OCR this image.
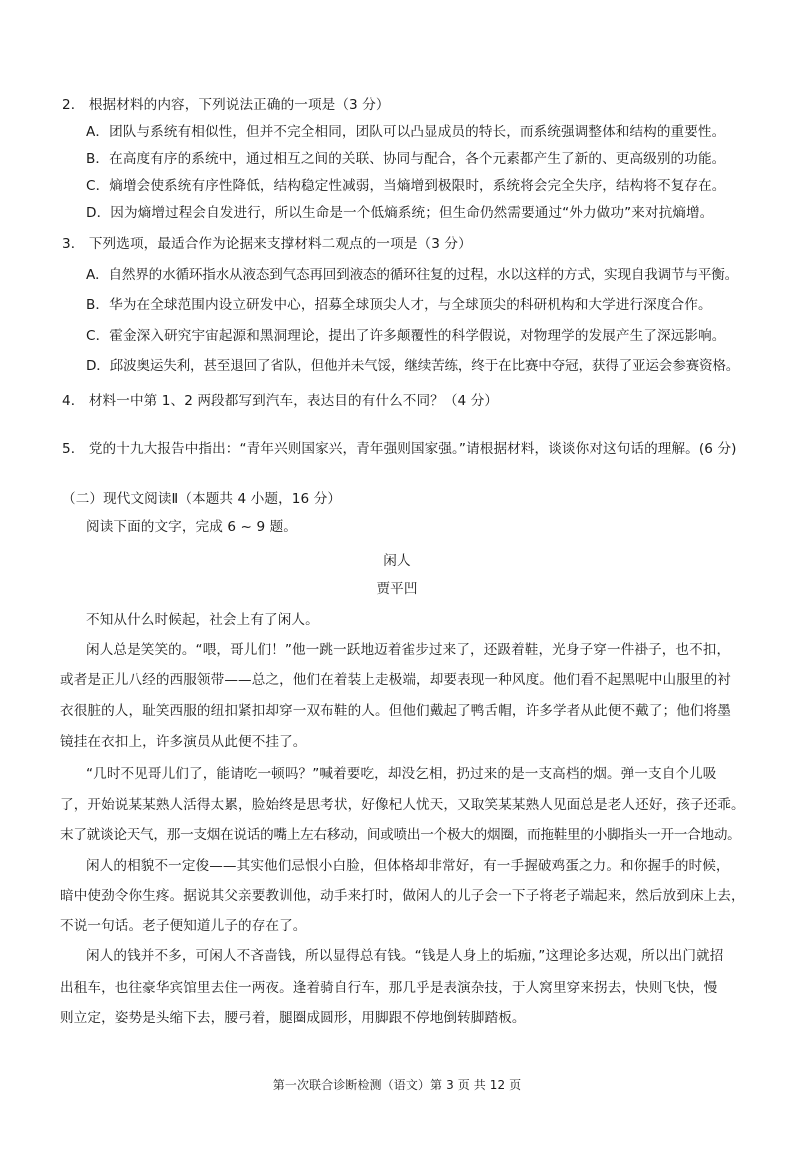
2． 根据材料的内容，下列说法正确的一项是（3 分）
A．团队与系统有相似性，但并不完全相同，团队可以凸显成员的特长，而系统强调整体和结构的重要性。
B．在高度有序的系统中，通过相互之间的关联、协同与配合，各个元素都产生了新的、更高级别的功能。
C．熵增会使系统有序性降低，结构稳定性减弱，当熵增到极限时，系统将会完全失序，结构将不复存在。
D．因为熵增过程会自发进行，所以生命是一个低熵系统；但生命仍然需要通过“外力做功”来对抗熵增。
3． 下列选项，最适合作为论据来支撑材料二观点的一项是（3 分）
A．自然界的水循环指水从液态到气态再回到液态的循环往复的过程，水以这样的方式，实现自我调节与平衡。
B．华为在全球范围内设立研发中心，招募全球顶尖人才，与全球顶尖的科研机构和大学进行深度合作。
C．霍金深入研究宇宙起源和黑洞理论，提出了许多颠覆性的科学假说，对物理学的发展产生了深远影响。
D．邱波奥运失利，甚至退回了省队，但他并未气馁，继续苦练，终于在比赛中夺冠，获得了亚运会参赛资格。
4． 材料一中第 1、2 两段都写到汽车，表达目的有什么不同？（4 分）
5． 党的十九大报告中指出：“青年兴则国家兴，青年强则国家强。”请根据材料，谈谈你对这句话的理解。(6 分)
（二）现代文阅读Ⅱ（本题共 4 小题，16 分）
阅读下面的文字，完成 6 ~ 9 题。
闲人
贾平凹
不知从什么时候起，社会上有了闲人。
闲人总是笑笑的。“喂，哥儿们！”他一跳一跃地迈着雀步过来了，还趿着鞋，光身子穿一件褂子，也不扣，
或者是正儿八经的西服领带——总之，他们在着装上走极端，却要表现一种风度。他们看不起黑呢中山服里的衬
衣很脏的人，耻笑西服的纽扣紧扣却穿一双布鞋的人。但他们戴起了鸭舌帽，许多学者从此便不戴了；他们将墨
镜挂在衣扣上，许多演员从此便不挂了。
“几时不见哥儿们了，能请吃一顿吗？”喊着要吃，却没乞相，扔过来的是一支高档的烟。弹一支自个儿吸
了，开始说某某熟人活得太累，脸始终是思考状，好像杞人忧天，又取笑某某熟人见面总是老人还好，孩子还乖。
末了就谈论天气，那一支烟在说话的嘴上左右移动，间或喷出一个极大的烟圈，而拖鞋里的小脚指头一开一合地动。
闲人的相貌不一定俊——其实他们忌恨小白脸，但体格却非常好，有一手握破鸡蛋之力。和你握手的时候，
暗中使劲令你生疼。据说其父亲要教训他，动手来打时，做闲人的儿子会一下子将老子端起来，然后放到床上去，
不说一句话。老子便知道儿子的存在了。
闲人的钱并不多，可闲人不吝啬钱，所以显得总有钱。“钱是人身上的垢痂，”这理论多达观，所以出门就招
出租车，也往豪华宾馆里去住一两夜。逢着骑自行车，那几乎是表演杂技，于人窝里穿来拐去，快则飞快，慢
则立定，姿势是头缩下去，腰弓着，腿圈成圆形，用脚跟不停地倒转脚踏板。
第一次联合诊断检测（语文）第 3 页 共 12 页
